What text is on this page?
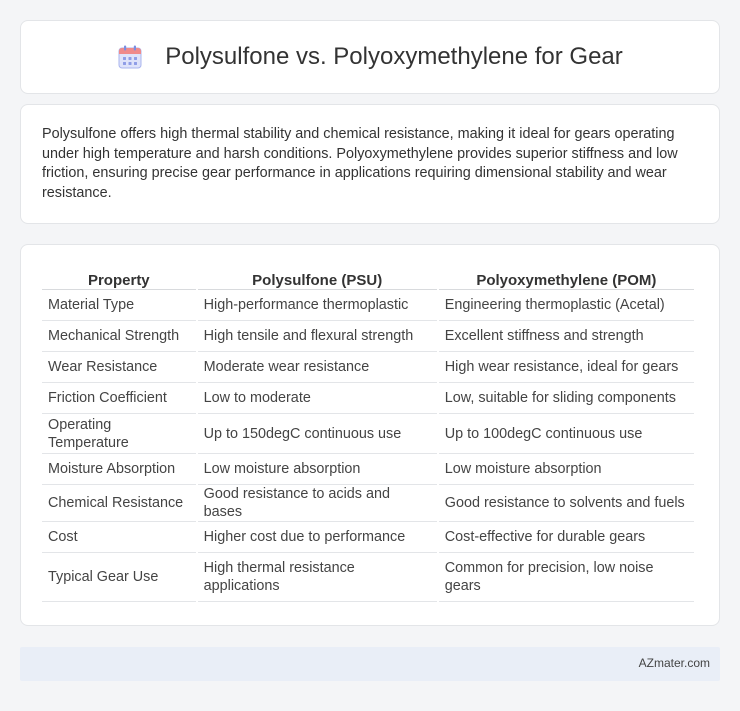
Polysulfone vs. Polyoxymethylene for Gear

Polysulfone offers high thermal stability and chemical resistance, making it ideal for gears operating under high temperature and harsh conditions. Polyoxymethylene provides superior stiffness and low friction, ensuring precise gear performance in applications requiring dimensional stability and wear resistance.

Property	Polysulfone (PSU)	Polyoxymethylene (POM)
Material Type	High-performance thermoplastic	Engineering thermoplastic (Acetal)
Mechanical Strength	High tensile and flexural strength	Excellent stiffness and strength
Wear Resistance	Moderate wear resistance	High wear resistance, ideal for gears
Friction Coefficient	Low to moderate	Low, suitable for sliding components
Operating Temperature	Up to 150degC continuous use	Up to 100degC continuous use
Moisture Absorption	Low moisture absorption	Low moisture absorption
Chemical Resistance	Good resistance to acids and bases	Good resistance to solvents and fuels
Cost	Higher cost due to performance	Cost-effective for durable gears
Typical Gear Use	High thermal resistance applications	Common for precision, low noise gears
AZmater.com
